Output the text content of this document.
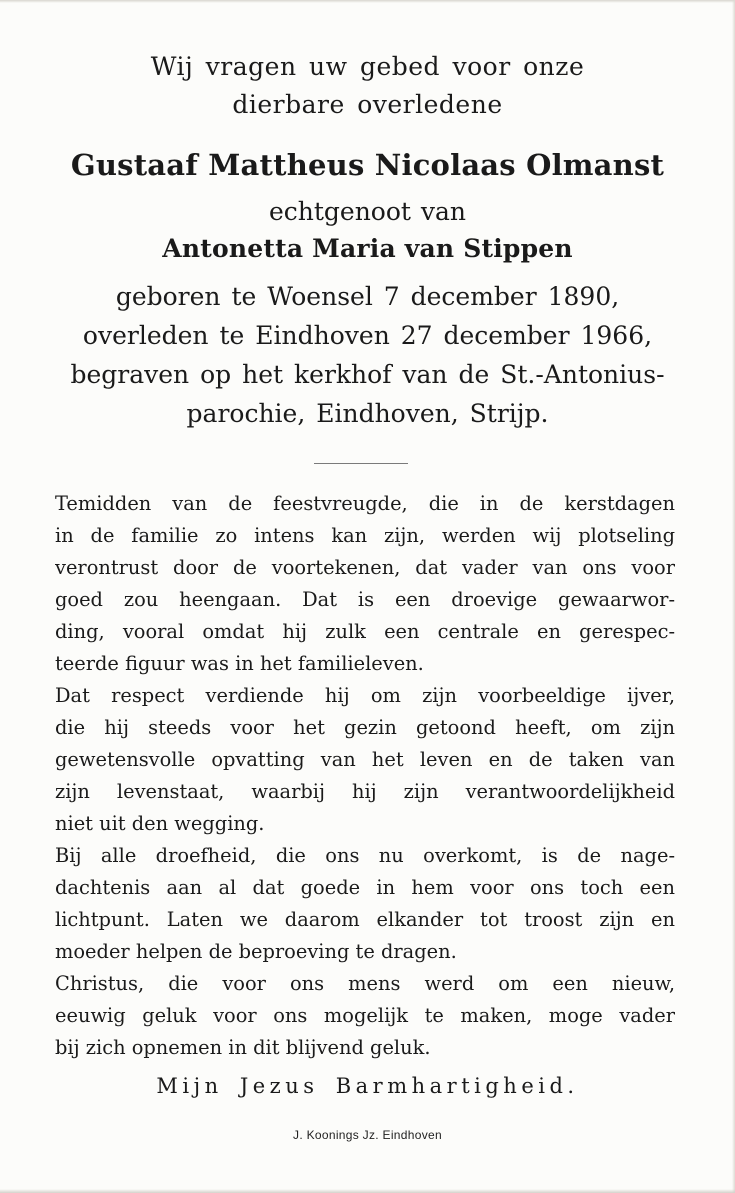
Wij vragen uw gebed voor onze
dierbare overledene
Gustaaf Mattheus Nicolaas Olmanst
echtgenoot van
Antonetta Maria van Stippen
geboren te Woensel 7 december 1890,
overleden te Eindhoven 27 december 1966,
begraven op het kerkhof van de St.-Antonius-
parochie, Eindhoven, Strijp.
Temidden van de feestvreugde, die in de kerstdagen
in de familie zo intens kan zijn, werden wij plotseling
verontrust door de voortekenen, dat vader van ons voor
goed zou heengaan. Dat is een droevige gewaarwor-
ding, vooral omdat hij zulk een centrale en gerespec-
teerde figuur was in het familieleven.
Dat respect verdiende hij om zijn voorbeeldige ijver,
die hij steeds voor het gezin getoond heeft, om zijn
gewetensvolle opvatting van het leven en de taken van
zijn levenstaat, waarbij hij zijn verantwoordelijkheid
niet uit den wegging.
Bij alle droefheid, die ons nu overkomt, is de nage-
dachtenis aan al dat goede in hem voor ons toch een
lichtpunt. Laten we daarom elkander tot troost zijn en
moeder helpen de beproeving te dragen.
Christus, die voor ons mens werd om een nieuw,
eeuwig geluk voor ons mogelijk te maken, moge vader
bij zich opnemen in dit blijvend geluk.
Mijn Jezus Barmhartigheid.
J. Koonings Jz. Eindhoven
